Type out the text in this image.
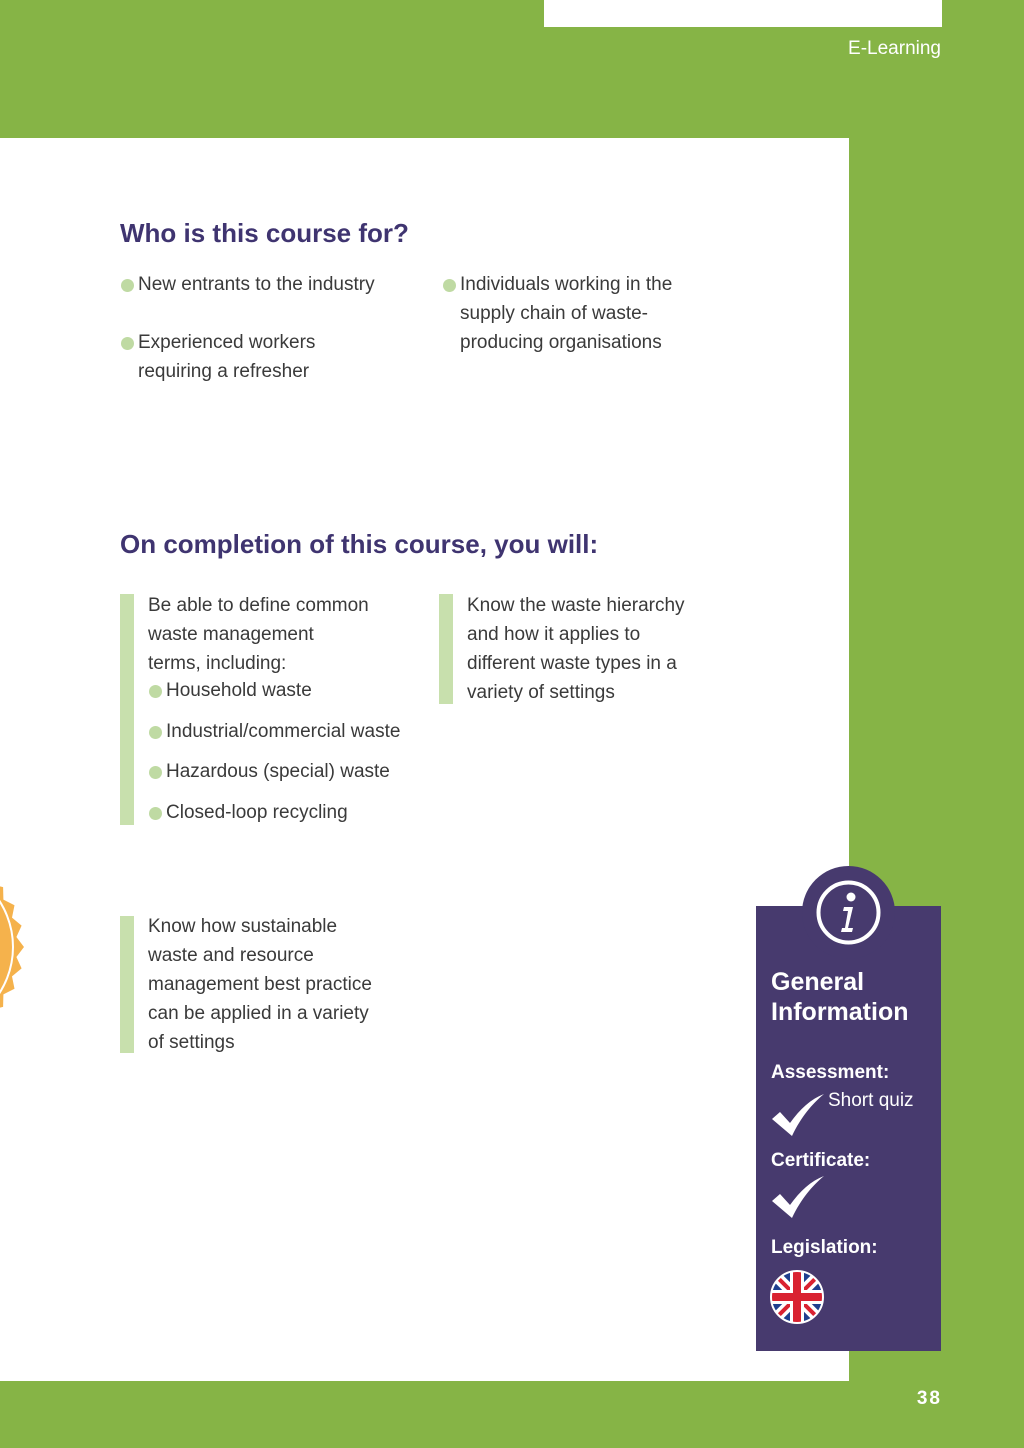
E-Learning
Who is this course for?
New entrants to the industry
Experienced workers requiring a refresher
Individuals working in the supply chain of waste-producing organisations
On completion of this course, you will:
Be able to define common
waste management
terms, including:
Household waste
Industrial/commercial waste
Hazardous (special) waste
Closed-loop recycling
Know the waste hierarchy
and how it applies to
different waste types in a
variety of settings
Know how sustainable
waste and resource
management best practice
can be applied in a variety
of settings
General Information
Assessment:
Short quiz
Certificate:
Legislation:
38
